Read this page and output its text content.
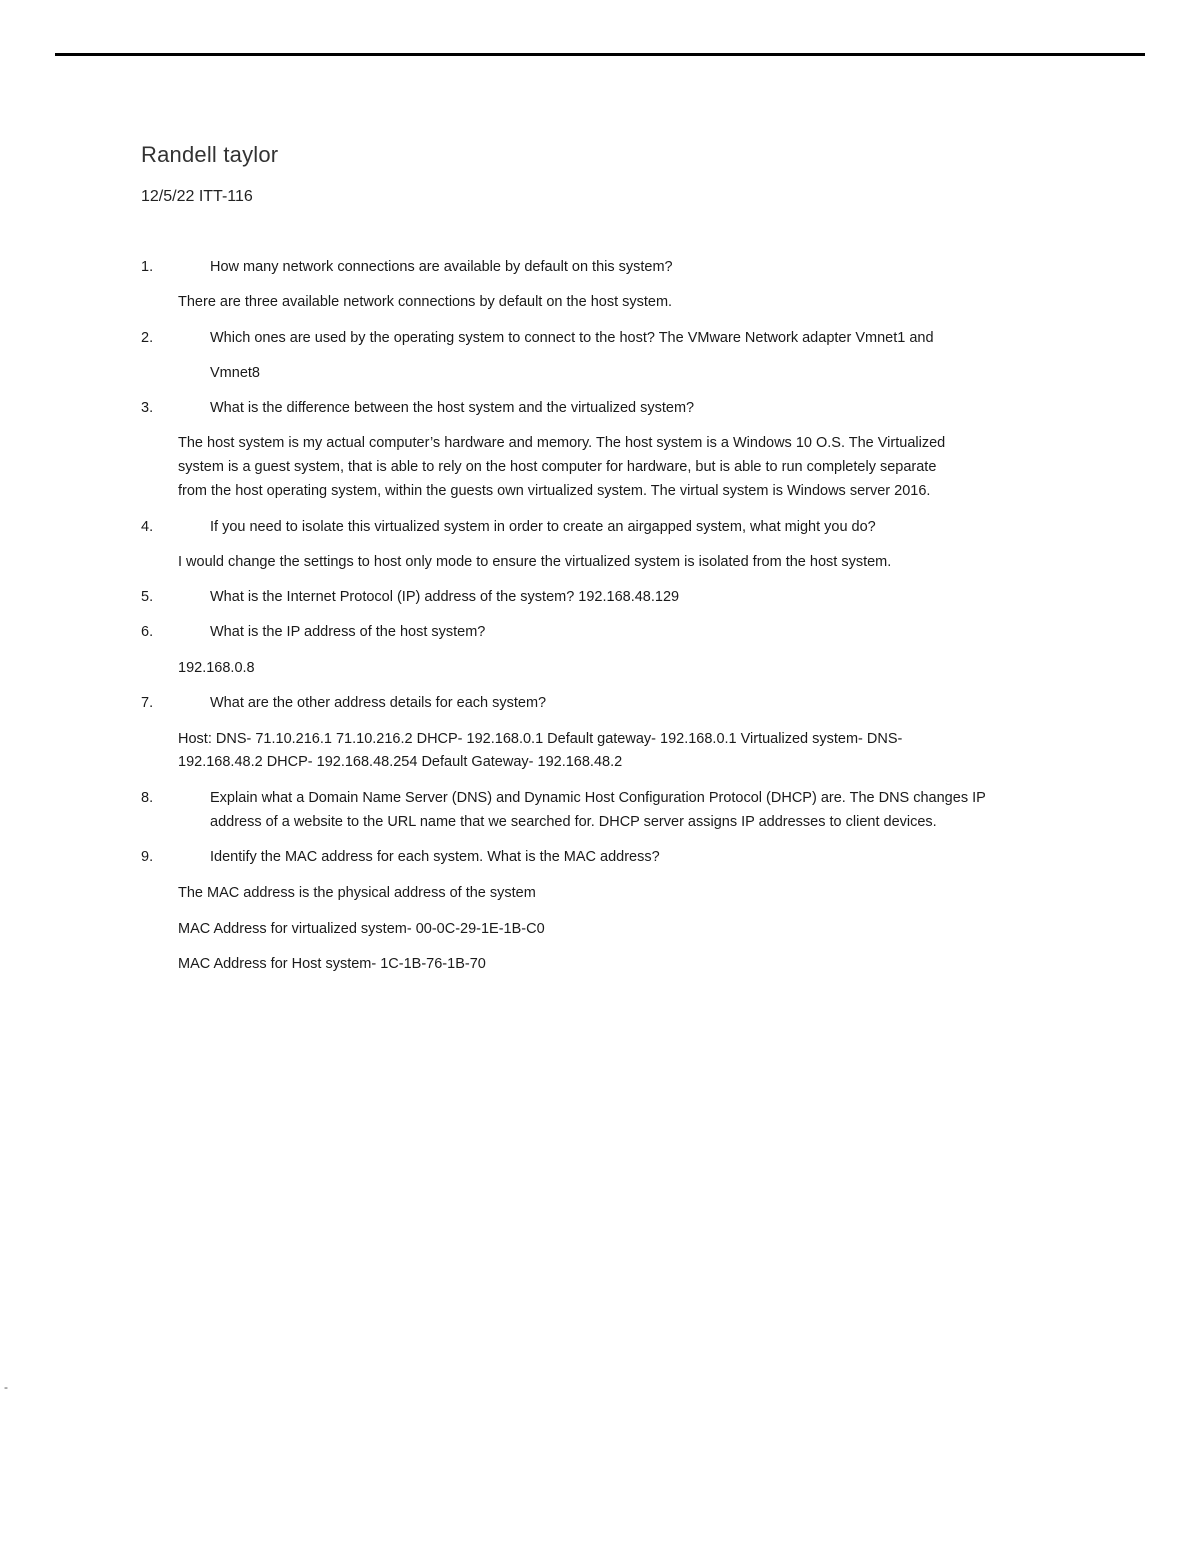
Randell taylor
12/5/22 ITT-116
1.	How many network connections are available by default on this system?
There are three available network connections by default on the host system.
2.	Which ones are used by the operating system to connect to the host? The VMware Network adapter Vmnet1 and
Vmnet8
3.	What is the difference between the host system and the virtualized system?
The host system is my actual computer’s hardware and memory. The host system is a Windows 10 O.S. The Virtualized
system is a guest system, that is able to rely on the host computer for hardware, but is able to run completely separate
from the host operating system, within the guests own virtualized system. The virtual system is Windows server 2016.
4.	If you need to isolate this virtualized system in order to create an airgapped system, what might you do?
I would change the settings to host only mode to ensure the virtualized system is isolated from the host system.
5.	What is the Internet Protocol (IP) address of the system? 192.168.48.129
6.	What is the IP address of the host system?
192.168.0.8
7.	What are the other address details for each system?
Host: DNS- 71.10.216.1 71.10.216.2 DHCP- 192.168.0.1 Default gateway- 192.168.0.1 Virtualized system- DNS-
192.168.48.2 DHCP- 192.168.48.254 Default Gateway- 192.168.48.2
8.	Explain what a Domain Name Server (DNS) and Dynamic Host Configuration Protocol (DHCP) are. The DNS changes IP
address of a website to the URL name that we searched for. DHCP server assigns IP addresses to client devices.
9.	Identify the MAC address for each system. What is the MAC address?
The MAC address is the physical address of the system
MAC Address for virtualized system- 00-0C-29-1E-1B-C0
MAC Address for Host system- 1C-1B-76-1B-70
-
